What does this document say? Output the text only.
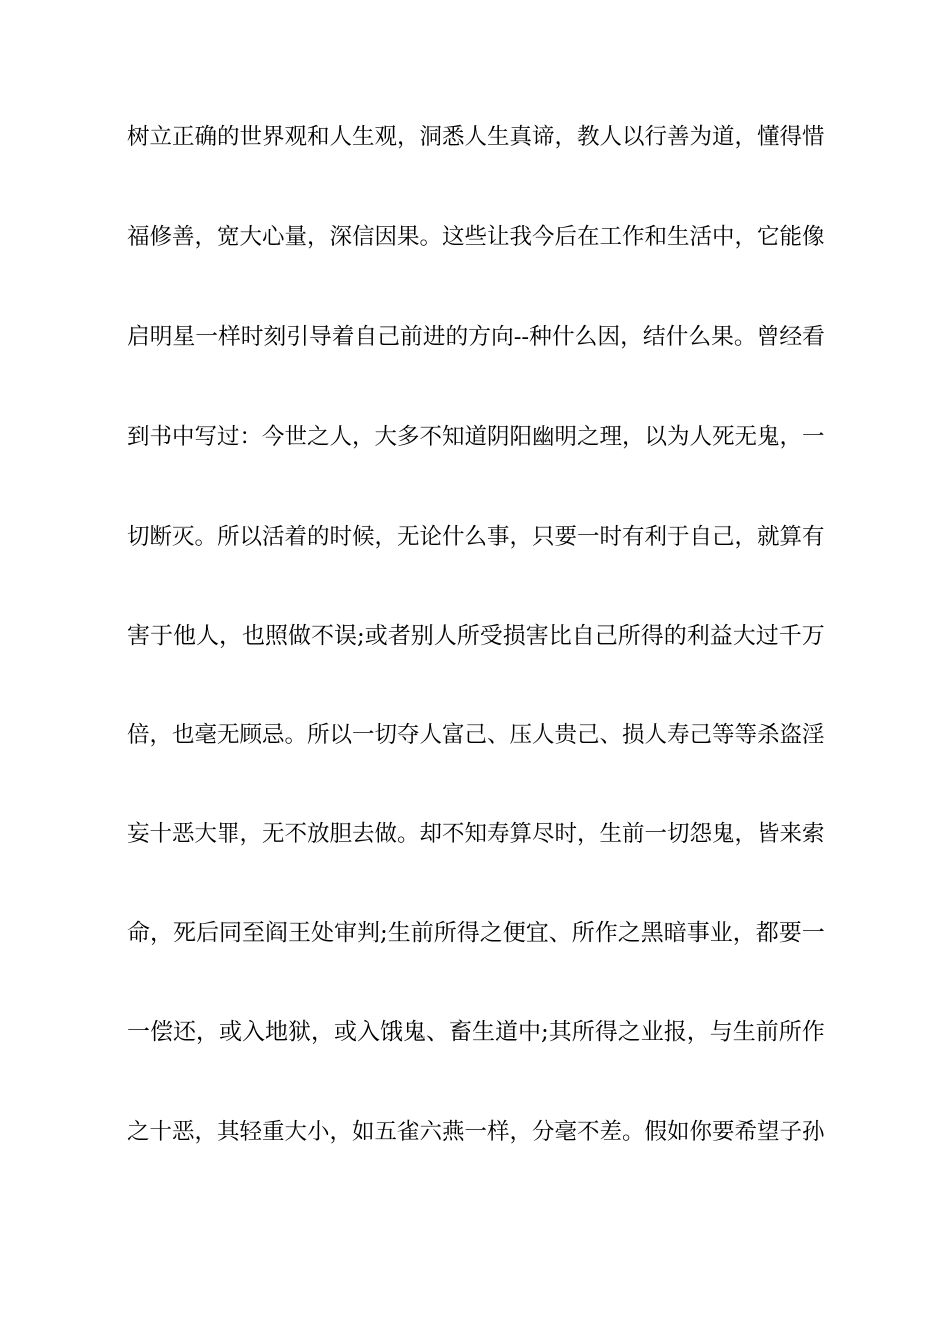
树立正确的世界观和人生观，洞悉人生真谛，教人以行善为道，懂得惜
福修善，宽大心量，深信因果。这些让我今后在工作和生活中，它能像
启明星一样时刻引导着自己前进的方向--种什么因，结什么果。曾经看
到书中写过：今世之人，大多不知道阴阳幽明之理，以为人死无鬼，一
切断灭。所以活着的时候，无论什么事，只要一时有利于自己，就算有
害于他人，也照做不误;或者别人所受损害比自己所得的利益大过千万
倍，也毫无顾忌。所以一切夺人富己、压人贵己、损人寿己等等杀盗淫
妄十恶大罪，无不放胆去做。却不知寿算尽时，生前一切怨鬼，皆来索
命，死后同至阎王处审判;生前所得之便宜、所作之黑暗事业，都要一
一偿还，或入地狱，或入饿鬼、畜生道中;其所得之业报，与生前所作
之十恶，其轻重大小，如五雀六燕一样，分毫不差。假如你要希望子孙
